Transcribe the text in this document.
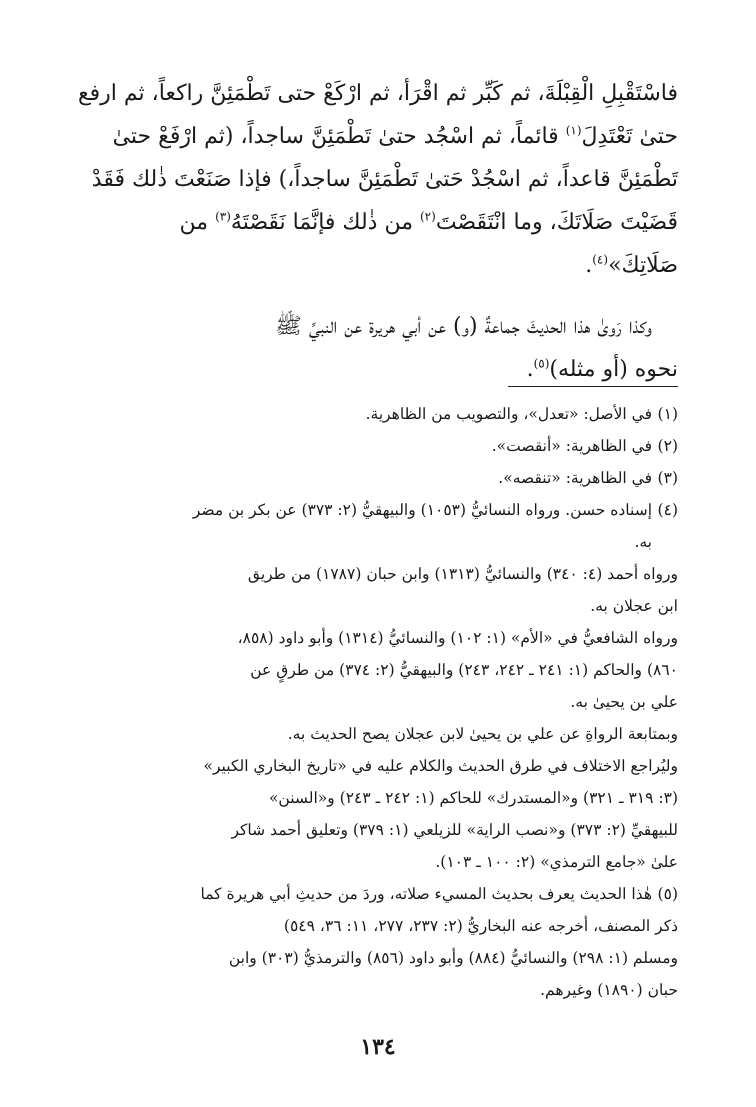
فاسْتَقْبِلِ الْقِبْلَةَ، ثم كَبِّر ثم اقْرَأ، ثم ارْكَعْ حتى تَطْمَئِنَّ راكعاً، ثم ارفع
حتىٰ تَعْتَدِلَ$^{(١)}$ قائماً، ثم اسْجُد حتىٰ تَطْمَئِنَّ ساجداً، (ثم ارْفَعْ حتىٰ
تَطْمَئِنَّ قاعداً، ثم اسْجُدْ حَتىٰ تَطْمَئِنَّ ساجداً،) فإذا صَنَعْتَ ذٰلك فَقَدْ
قَضَيْتَ صَلَاتَكَ، وما انْتَقَصْتَ$^{(٢)}$ من ذٰلك فإنَّمَا نَقَصْتَهُ$^{(٣)}$ من
صَلَاتِكَ»$^{(٤)}$.
وكذا رَوىٰ هذا الحديثَ جماعةٌ (و) عن أبي هريرة عن النبيِّ ﷺ
نحوه (أو مثله)$^{(٥)}$.
(١)في الأصل: «تعدل»، والتصويب من الظاهرية.
(٢)في الظاهرية: «أنقصت».
(٣)في الظاهرية: «تنقصه».
(٤)إسناده حسن. ورواه النسائيُّ (١٠٥٣) والبيهقيُّ (٢: ٣٧٣) عن بكر بن مضر
به.
ورواه أحمد (٤: ٣٤٠) والنسائيُّ (١٣١٣) وابن حبان (١٧٨٧) من طريق
ابن عجلان به.
ورواه الشافعيُّ في «الأم» (١: ١٠٢) والنسائيُّ (١٣١٤) وأبو داود (٨٥٨،
٨٦٠) والحاكم (١: ٢٤١ ـ ٢٤٢، ٢٤٣) والبيهقيُّ (٢: ٣٧٤) من طرقٍ عن
علي بن يحيىٰ به.
وبمتابعة الرواةِ عن علي بن يحيىٰ لابن عجلان يصح الحديث به.
وليُراجع الاختلاف في طرق الحديث والكلام عليه في «تاريخ البخاري الكبير»
(٣: ٣١٩ ـ ٣٢١) و«المستدرك» للحاكم (١: ٢٤٢ ـ ٢٤٣) و«السنن»
للبيهقيِّ (٢: ٣٧٣) و«نصب الراية» للزيلعي (١: ٣٧٩) وتعليق أحمد شاكر
علىٰ «جامع الترمذي» (٢: ١٠٠ ـ ١٠٣).
(٥)هٰذا الحديث يعرف بحديث المسيء صلاته، وردَ من حديثِ أبي هريرة كما
ذكر المصنف، أخرجه عنه البخاريُّ (٢: ٢٣٧، ٢٧٧، ١١: ٣٦، ٥٤٩)
ومسلم (١: ٢٩٨) والنسائيُّ (٨٨٤) وأبو داود (٨٥٦) والترمذيُّ (٣٠٣) وابن
حبان (١٨٩٠) وغيرهم.
١٣٤
